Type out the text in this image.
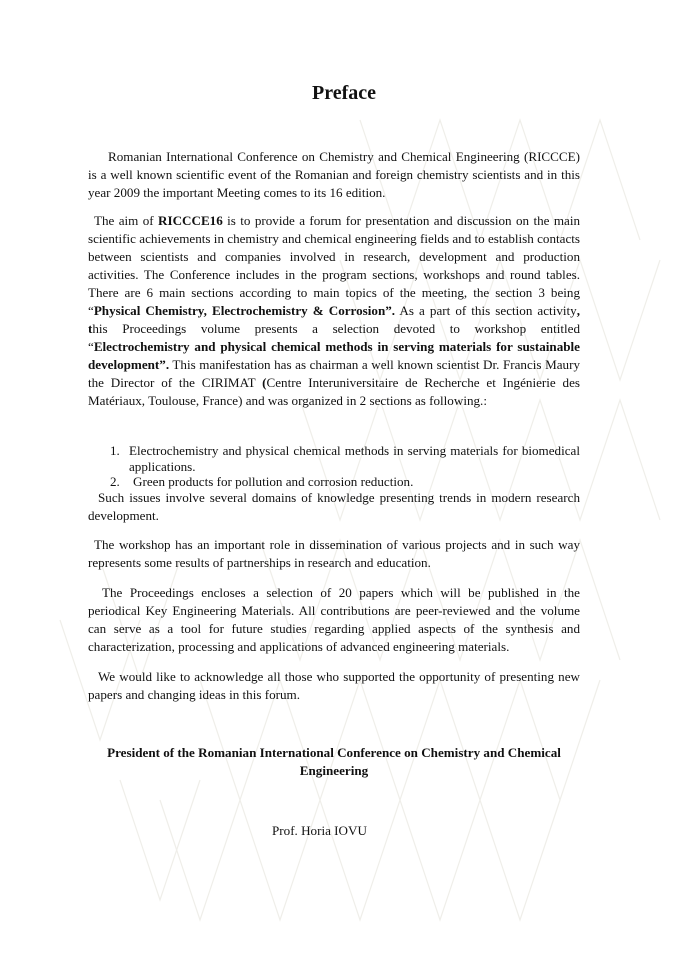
Preface

Romanian International Conference on Chemistry and Chemical Engineering (RICCCE) is a well known scientific event of the Romanian and foreign chemistry scientists and in this year 2009 the important Meeting comes to its 16 edition.

The aim of RICCCE16 is to provide a forum for presentation and discussion on the main scientific achievements in chemistry and chemical engineering fields and to establish contacts between scientists and companies involved in research, development and production activities. The Conference includes in the program sections, workshops and round tables. There are 6 main sections according to main topics of the meeting, the section 3 being “Physical Chemistry, Electrochemistry & Corrosion”. As a part of this section activity, this Proceedings volume presents a selection devoted to workshop entitled “Electrochemistry and physical chemical methods in serving materials for sustainable development”. This manifestation has as chairman a well known scientist Dr. Francis Maury the Director of the CIRIMAT (Centre Interuniversitaire de Recherche et Ingénierie des Matériaux, Toulouse, France) and was organized in 2 sections as following.:

1. Electrochemistry and physical chemical methods in serving materials for biomedical applications.
2. Green products for pollution and corrosion reduction.

Such issues involve several domains of knowledge presenting trends in modern research development.

The workshop has an important role in dissemination of various projects and in such way represents some results of partnerships in research and education.

The Proceedings encloses a selection of 20 papers which will be published in the periodical Key Engineering Materials. All contributions are peer-reviewed and the volume can serve as a tool for future studies regarding applied aspects of the synthesis and characterization, processing and applications of advanced engineering materials.

We would like to acknowledge all those who supported the opportunity of presenting new papers and changing ideas in this forum.

President of the Romanian International Conference on Chemistry and Chemical Engineering

Prof. Horia IOVU
